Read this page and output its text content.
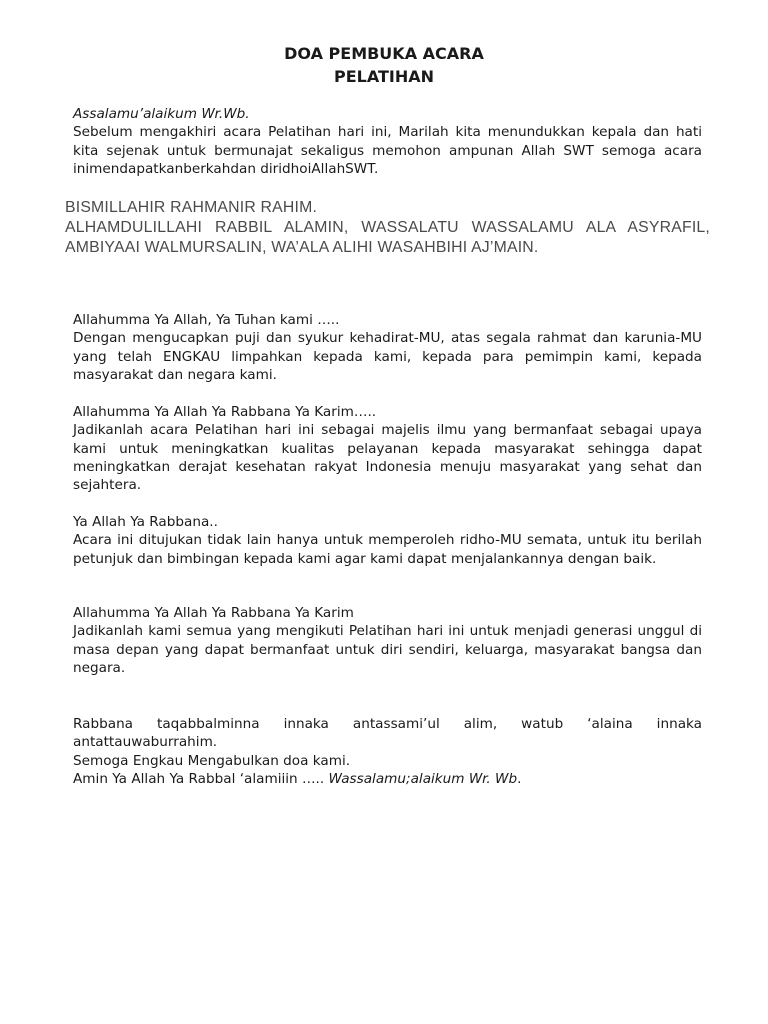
DOA PEMBUKA ACARA
PELATIHAN

Assalamu’alaikum Wr.Wb.

Sebelum mengakhiri acara Pelatihan hari ini, Marilah kita menundukkan kepala dan hati kita sejenak untuk bermunajat sekaligus memohon ampunan Allah SWT semoga acara inimendapatkanberkahdan diridhoiAllahSWT.

BISMILLAHIR RAHMANIR RAHIM.

ALHAMDULILLAHI RABBIL ALAMIN, WASSALATU WASSALAMU ALA ASYRAFIL, AMBIYAAI WALMURSALIN, WA’ALA ALIHI WASAHBIHI AJ’MAIN.

Allahumma Ya Allah, Ya Tuhan kami …..

Dengan mengucapkan puji dan syukur kehadirat-MU, atas segala rahmat dan karunia-MU yang telah ENGKAU limpahkan kepada kami, kepada para pemimpin kami, kepada masyarakat dan negara kami.

Allahumma Ya Allah Ya Rabbana Ya Karim…..

Jadikanlah acara Pelatihan hari ini sebagai majelis ilmu yang bermanfaat sebagai upaya kami untuk meningkatkan kualitas pelayanan kepada masyarakat sehingga dapat meningkatkan derajat kesehatan rakyat Indonesia menuju masyarakat yang sehat dan sejahtera.

Ya Allah Ya Rabbana..

Acara ini ditujukan tidak lain hanya untuk memperoleh ridho-MU semata, untuk itu berilah petunjuk dan bimbingan kepada kami agar kami dapat menjalankannya dengan baik.

Allahumma Ya Allah Ya Rabbana Ya Karim

Jadikanlah kami semua yang mengikuti Pelatihan hari ini untuk menjadi generasi unggul di masa depan yang dapat bermanfaat untuk diri sendiri, keluarga, masyarakat bangsa dan negara.

Rabbana taqabbalminna innaka antassami’ul alim, watub ‘alaina innaka antattauwaburrahim.

Semoga Engkau Mengabulkan doa kami.

Amin Ya Allah Ya Rabbal ‘alamiiin ….. Wassalamu;alaikum Wr. Wb.
